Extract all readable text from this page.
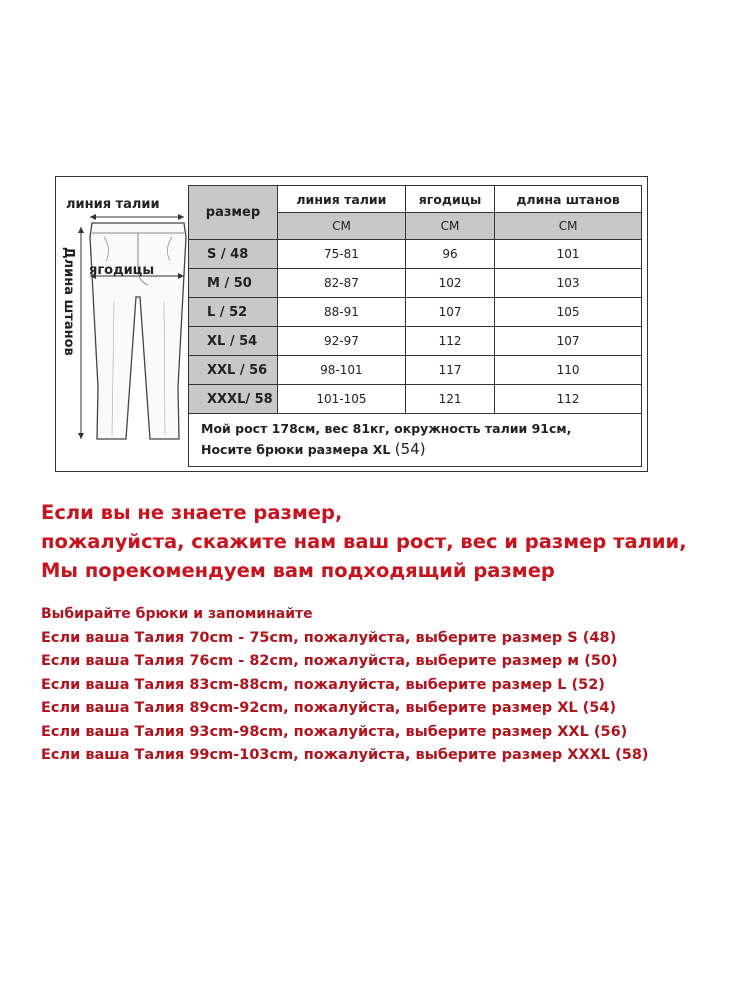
линия талии
ягодицы
Длина штанов
размер	линия талии	ягодицы	длина штанов
	CM	CM	CM
S / 48	75-81	96	101
M / 50	82-87	102	103
L / 52	88-91	107	105
XL / 54	92-97	112	107
XXL / 56	98-101	117	110
XXXL/ 58	101-105	121	112
Мой рост 178cм, вес 81кг, окружность талии 91см,
Носите брюки размера XL (54)
Если вы не знаете размер,
пожалуйста, скажите нам ваш рост, вес и размер талии,
Мы порекомендуем вам подходящий размер
Выбирайте брюки и запоминайте
Если ваша Талия 70cm - 75cm, пожалуйста, выберите размер S (48)
Если ваша Талия 76cm - 82cm, пожалуйста, выберите размер м (50)
Если ваша Талия 83cm-88cm, пожалуйста, выберите размер L (52)
Если ваша Талия 89cm-92cm, пожалуйста, выберите размер XL (54)
Если ваша Талия 93cm-98cm, пожалуйста, выберите размер XXL (56)
Если ваша Талия 99cm-103cm, пожалуйста, выберите размер XXXL (58)
